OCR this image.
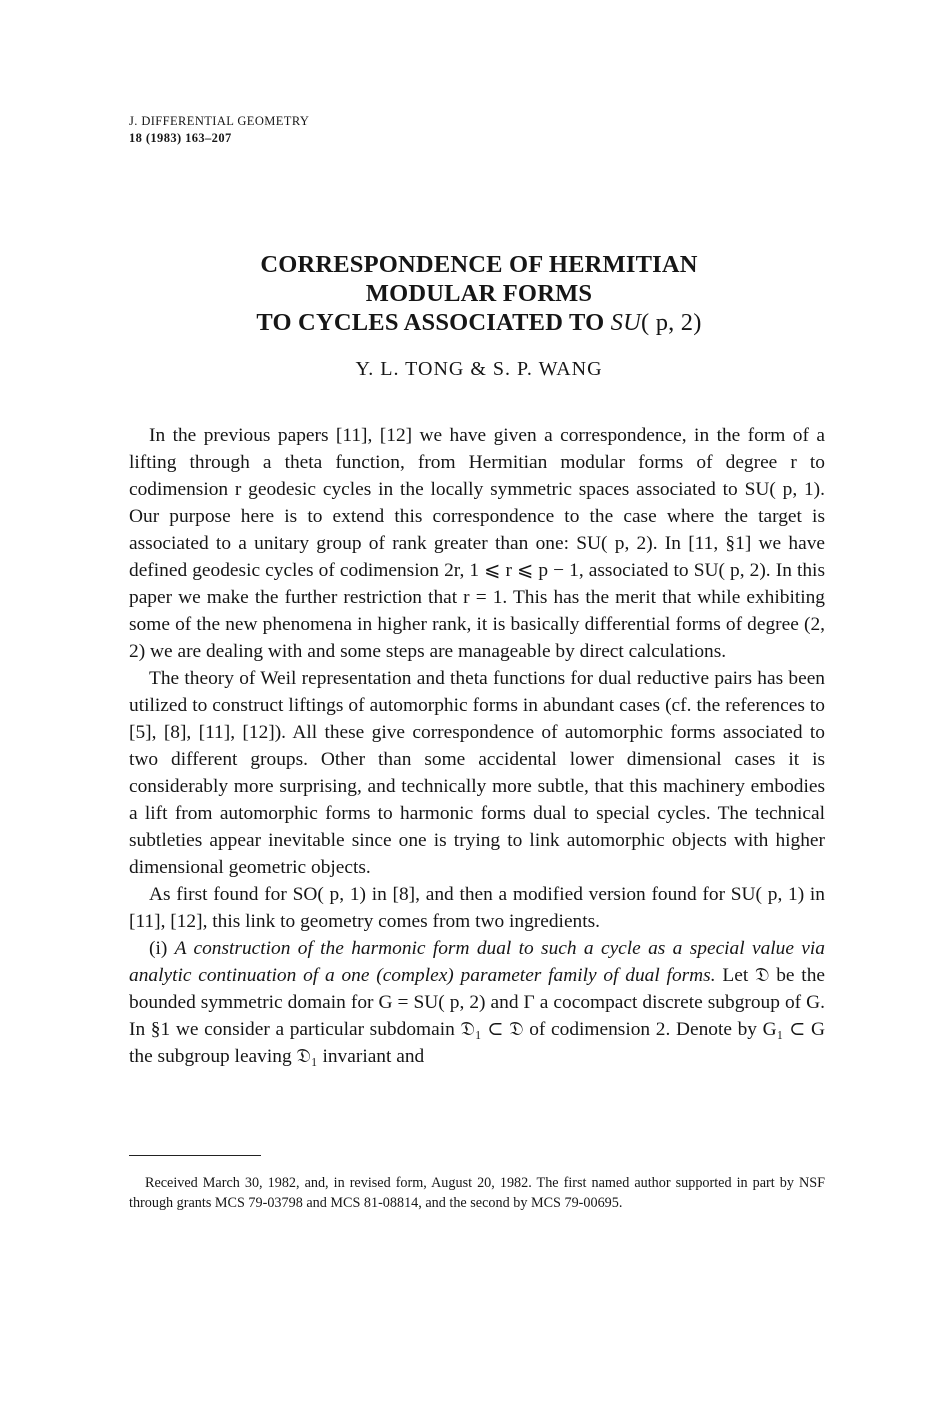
J. DIFFERENTIAL GEOMETRY

18 (1983) 163–207
CORRESPONDENCE OF HERMITIAN
MODULAR FORMS
TO CYCLES ASSOCIATED TO SU( p, 2)
Y. L. TONG & S. P. WANG

In the previous papers [11], [12] we have given a correspondence, in the form of a lifting through a theta function, from Hermitian modular forms of degree r to codimension r geodesic cycles in the locally symmetric spaces associated to SU( p, 1). Our purpose here is to extend this correspondence to the case where the target is associated to a unitary group of rank greater than one: SU( p, 2). In [11, §1] we have defined geodesic cycles of codimension 2r, 1 ⩽ r ⩽ p − 1, associated to SU( p, 2). In this paper we make the further restriction that r = 1. This has the merit that while exhibiting some of the new phenomena in higher rank, it is basically differential forms of degree (2, 2) we are dealing with and some steps are manageable by direct calculations.

The theory of Weil representation and theta functions for dual reductive pairs has been utilized to construct liftings of automorphic forms in abundant cases (cf. the references to [5], [8], [11], [12]). All these give correspondence of automorphic forms associated to two different groups. Other than some accidental lower dimensional cases it is considerably more surprising, and technically more subtle, that this machinery embodies a lift from automorphic forms to harmonic forms dual to special cycles. The technical subtleties appear inevitable since one is trying to link automorphic objects with higher dimensional geometric objects.

As first found for SO( p, 1) in [8], and then a modified version found for SU( p, 1) in [11], [12], this link to geometry comes from two ingredients.

(i) A construction of the harmonic form dual to such a cycle as a special value via analytic continuation of a one (complex) parameter family of dual forms. Let 𝔇 be the bounded symmetric domain for G = SU( p, 2) and Γ a cocompact discrete subgroup of G. In §1 we consider a particular subdomain 𝔇₁ ⊂ 𝔇 of codimension 2. Denote by G₁ ⊂ G the subgroup leaving 𝔇₁ invariant and

Received March 30, 1982, and, in revised form, August 20, 1982. The first named author supported in part by NSF through grants MCS 79-03798 and MCS 81-08814, and the second by MCS 79-00695.
